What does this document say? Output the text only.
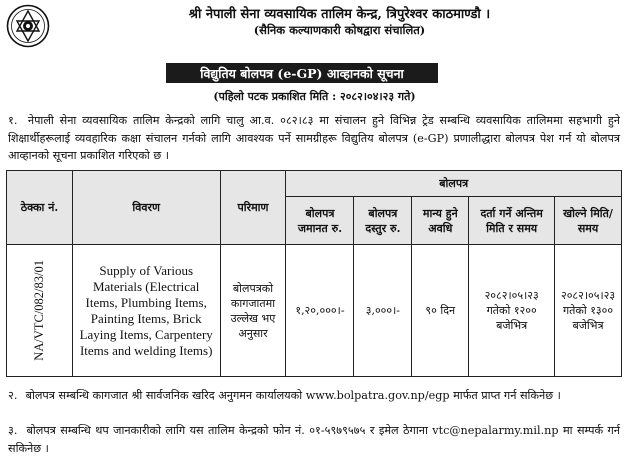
श्री नेपाली सेना व्यवसायिक तालिम केन्द्र, त्रिपुरेश्वर काठमाण्डौ ।
(सैनिक कल्याणकारी कोषद्वारा संचालित)
विद्युतिय बोलपत्र (e-GP) आव्हानको सूचना
(पहिलो पटक प्रकाशित मिति : २०८२।०४।२३ गते)
१. नेपाली सेना व्यवसायिक तालिम केन्द्रको लागि चालु आ.व. ०८२।८३ मा संचालन हुने विभिन्न ट्रेड सम्बन्धि व्यवसायिक तालिममा सहभागी हुने शिक्षार्थीहरूलाई व्यवहारिक कक्षा संचालन गर्नको लागि आवश्यक पर्ने सामग्रीहरू विद्युतिय बोलपत्र (e-GP) प्रणालीद्धारा बोलपत्र पेश गर्न यो बोलपत्र आव्हानको सूचना प्रकाशित गरिएको छ ।
ठेक्का नं.	विवरण	परिमाण	बोलपत्र				
			बोलपत्र जमानत रु.	बोलपत्र दस्तुर रु.	मान्य हुने अवधि	दर्ता गर्ने अन्तिम मिति र समय	खोल्ने मिति/समय

NA/VTC/082/83/01	Supply of Various Materials (Electrical Items, Plumbing Items, Painting Items, Brick Laying Items, Carpentery Items and welding Items)	बोलपत्रको कागजातमा उल्लेख भए अनुसार	१,२०,०००।-	३,०००।-	९० दिन	२०८२।०५।२३ गतेको १२०० बजेभित्र	२०८२।०५।२३ गतेको १३०० बजेभित्र
२. बोलपत्र सम्बन्धि कागजात श्री सार्वजनिक खरिद अनुगमन कार्यालयको www.bolpatra.gov.np/egp मार्फत प्राप्त गर्न सकिनेछ ।
३. बोलपत्र सम्बन्धि थप जानकारीको लागि यस तालिम केन्द्रको फोन नं. ०१-५९७९५७५ र इमेल ठेगाना vtc@nepalarmy.mil.np मा सम्पर्क गर्न सकिनेछ ।
